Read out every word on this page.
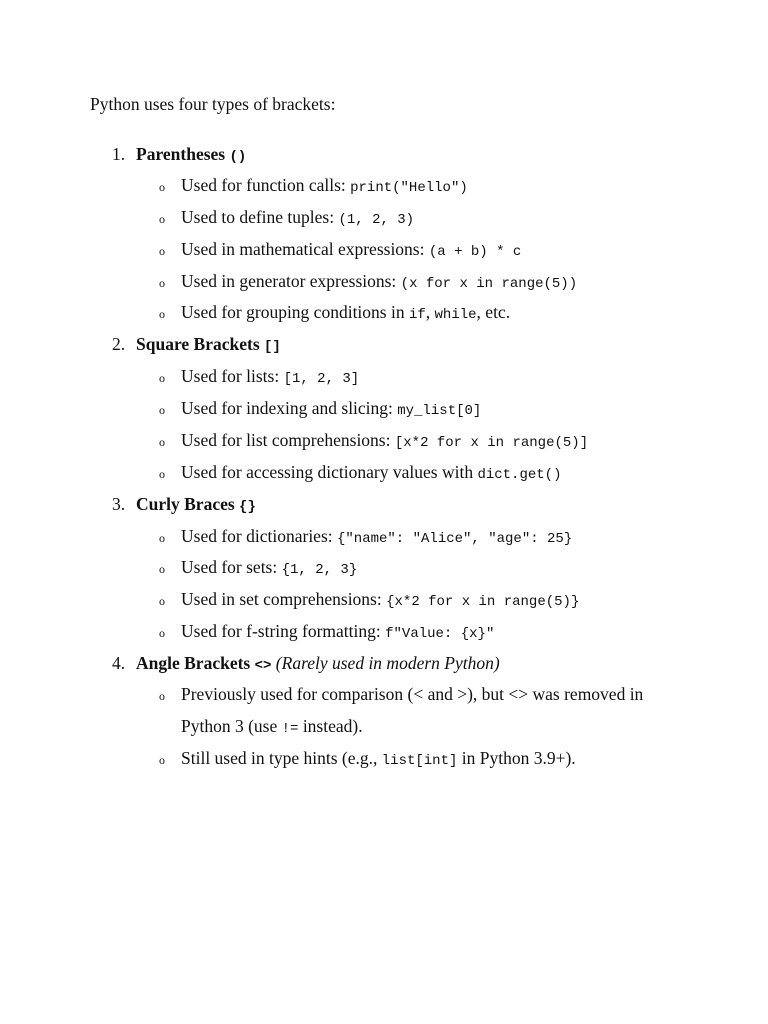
Python uses four types of brackets:
1. Parentheses ()
o Used for function calls: print("Hello")
o Used to define tuples: (1, 2, 3)
o Used in mathematical expressions: (a + b) * c
o Used in generator expressions: (x for x in range(5))
o Used for grouping conditions in if, while, etc.
2. Square Brackets []
o Used for lists: [1, 2, 3]
o Used for indexing and slicing: my_list[0]
o Used for list comprehensions: [x*2 for x in range(5)]
o Used for accessing dictionary values with dict.get()
3. Curly Braces {}
o Used for dictionaries: {"name": "Alice", "age": 25}
o Used for sets: {1, 2, 3}
o Used in set comprehensions: {x*2 for x in range(5)}
o Used for f-string formatting: f"Value: {x}"
4. Angle Brackets <> (Rarely used in modern Python)
o Previously used for comparison (< and >), but <> was removed in Python 3 (use != instead).
o Still used in type hints (e.g., list[int] in Python 3.9+).
